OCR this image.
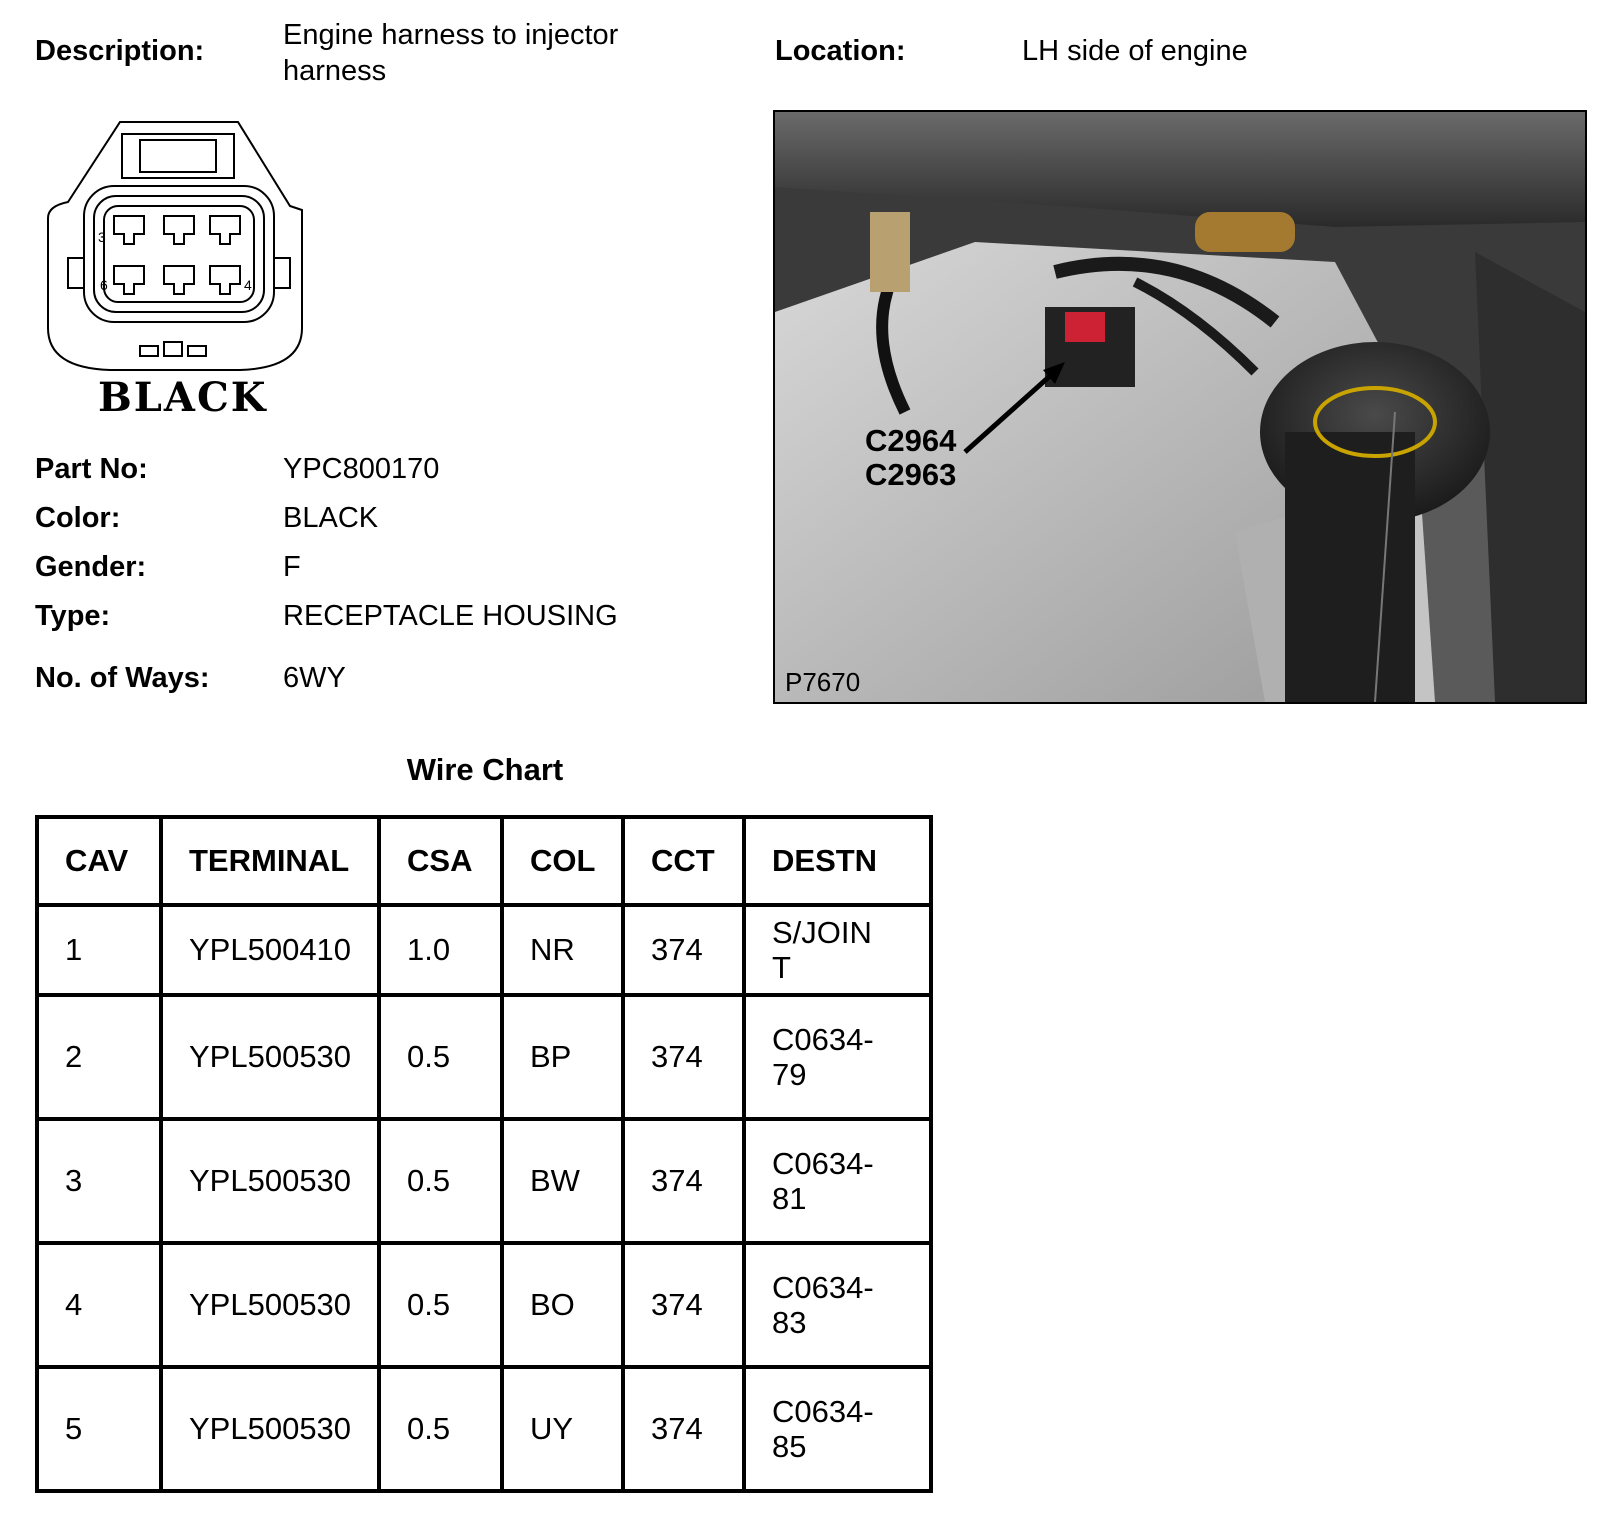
Description:	Engine harness to injector harness
Location:	LH side of engine
3
6	4
BLACK
Part No:	YPC800170
Color:	BLACK
Gender:	F
Type:	RECEPTACLE HOUSING
No. of Ways:	6WY
C2964
C2963
P7670
Wire Chart
CAV	TERMINAL	CSA	COL	CCT	DESTN
1	YPL500410	1.0	NR	374	S/JOINT

2	YPL500530	0.5	BP	374	C0634-79

3	YPL500530	0.5	BW	374	C0634-81

4	YPL500530	0.5	BO	374	C0634-83

5	YPL500530	0.5	UY	374	C0634-85
